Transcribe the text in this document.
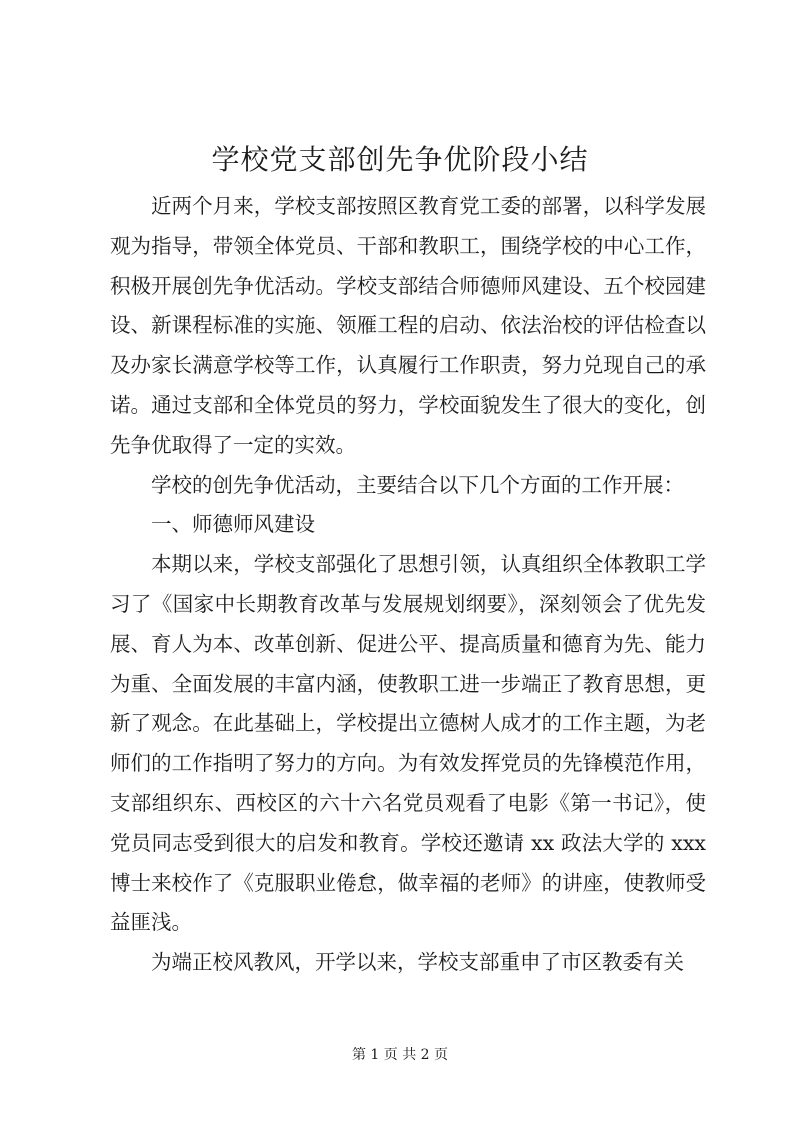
学校党支部创先争优阶段小结

近两个月来，学校支部按照区教育党工委的部署，以科学发展观为指导，带领全体党员、干部和教职工，围绕学校的中心工作，积极开展创先争优活动。学校支部结合师德师风建设、五个校园建设、新课程标准的实施、领雁工程的启动、依法治校的评估检查以及办家长满意学校等工作，认真履行工作职责，努力兑现自己的承诺。通过支部和全体党员的努力，学校面貌发生了很大的变化，创先争优取得了一定的实效。

学校的创先争优活动，主要结合以下几个方面的工作开展：

一、师德师风建设

本期以来，学校支部强化了思想引领，认真组织全体教职工学习了《国家中长期教育改革与发展规划纲要》，深刻领会了优先发展、育人为本、改革创新、促进公平、提高质量和德育为先、能力为重、全面发展的丰富内涵，使教职工进一步端正了教育思想，更新了观念。在此基础上，学校提出立德树人成才的工作主题，为老师们的工作指明了努力的方向。为有效发挥党员的先锋模范作用，支部组织东、西校区的六十六名党员观看了电影《第一书记》，使党员同志受到很大的启发和教育。学校还邀请 xx 政法大学的 xxx 博士来校作了《克服职业倦怠，做幸福的老师》的讲座，使教师受益匪浅。

为端正校风教风，开学以来，学校支部重申了市区教委有关

第 1 页 共 2 页
